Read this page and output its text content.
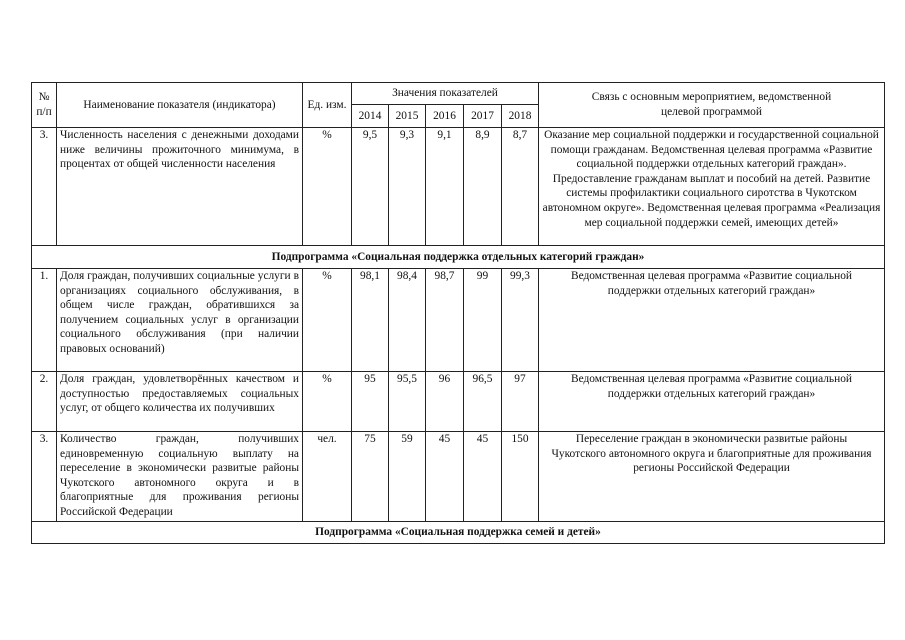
№ п/п	Наименование показателя (индикатора)	Ед. изм.	Значения показателей					Связь с основным мероприятием, ведомственной целевой программой
			2014	2015	2016	2017	2018	
3.	Численность населения с денежными доходами ниже величины прожиточного минимума, в процентах от общей численности населения	%	9,5	9,3	9,1	8,9	8,7	Оказание мер социальной поддержки и государственной социальной помощи гражданам. Ведомственная целевая программа «Развитие социальной поддержки отдельных категорий граждан». Предоставление гражданам выплат и пособий на детей. Развитие системы профилактики социального сиротства в Чукотском автономном округе». Ведомственная целевая программа «Реализация мер социальной поддержки семей, имеющих детей»
Подпрограмма «Социальная поддержка отдельных категорий граждан»								
1.	Доля граждан, получивших социальные услуги в организациях социального обслуживания, в общем числе граждан, обратившихся за получением социальных услуг в организации социального обслуживания (при наличии правовых оснований)	%	98,1	98,4	98,7	99	99,3	Ведомственная целевая программа «Развитие социальной поддержки отдельных категорий граждан»
2.	Доля граждан, удовлетворённых качеством и доступностью предоставляемых социальных услуг, от общего количества их получивших	%	95	95,5	96	96,5	97	Ведомственная целевая программа «Развитие социальной поддержки отдельных категорий граждан»
3.	Количество граждан, получивших единовременную социальную выплату на переселение в экономически развитые районы Чукотского автономного округа и в благоприятные для проживания регионы Российской Федерации	чел.	75	59	45	45	150	Переселение граждан в экономически развитые районы Чукотского автономного округа и благоприятные для проживания регионы Российской Федерации
Подпрограмма «Социальная поддержка семей и детей»								
